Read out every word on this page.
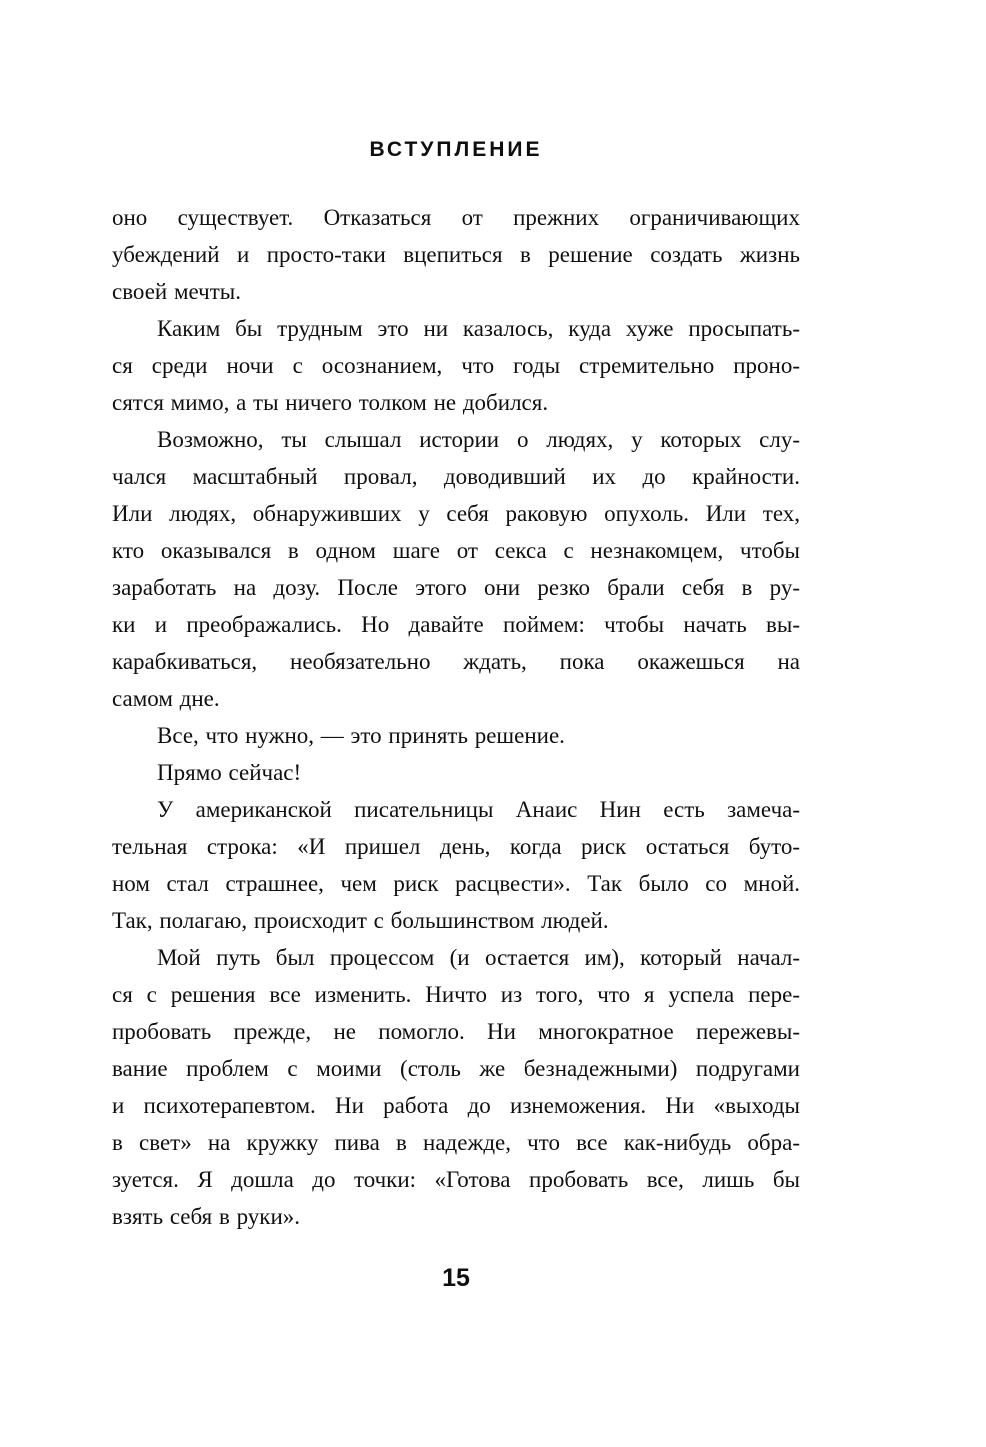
ВСТУПЛЕНИЕ
оно существует. Отказаться от прежних ограничивающих
убеждений и просто-таки вцепиться в решение создать жизнь
своей мечты.
Каким бы трудным это ни казалось, куда хуже просыпать-
ся среди ночи с осознанием, что годы стремительно проно-
сятся мимо, а ты ничего толком не добился.
Возможно, ты слышал истории о людях, у которых слу-
чался масштабный провал, доводивший их до крайности.
Или людях, обнаруживших у себя раковую опухоль. Или тех,
кто оказывался в одном шаге от секса с незнакомцем, чтобы
заработать на дозу. После этого они резко брали себя в ру-
ки и преображались. Но давайте поймем: чтобы начать вы-
карабкиваться, необязательно ждать, пока окажешься на
самом дне.
Все, что нужно, — это принять решение.
Прямо сейчас!
У американской писательницы Анаис Нин есть замеча-
тельная строка: «И пришел день, когда риск остаться буто-
ном стал страшнее, чем риск расцвести». Так было со мной.
Так, полагаю, происходит с большинством людей.
Мой путь был процессом (и остается им), который начал-
ся с решения все изменить. Ничто из того, что я успела пере-
пробовать прежде, не помогло. Ни многократное пережевы-
вание проблем с моими (столь же безнадежными) подругами
и психотерапевтом. Ни работа до изнеможения. Ни «выходы
в свет» на кружку пива в надежде, что все как-нибудь обра-
зуется. Я дошла до точки: «Готова пробовать все, лишь бы
взять себя в руки».
15
